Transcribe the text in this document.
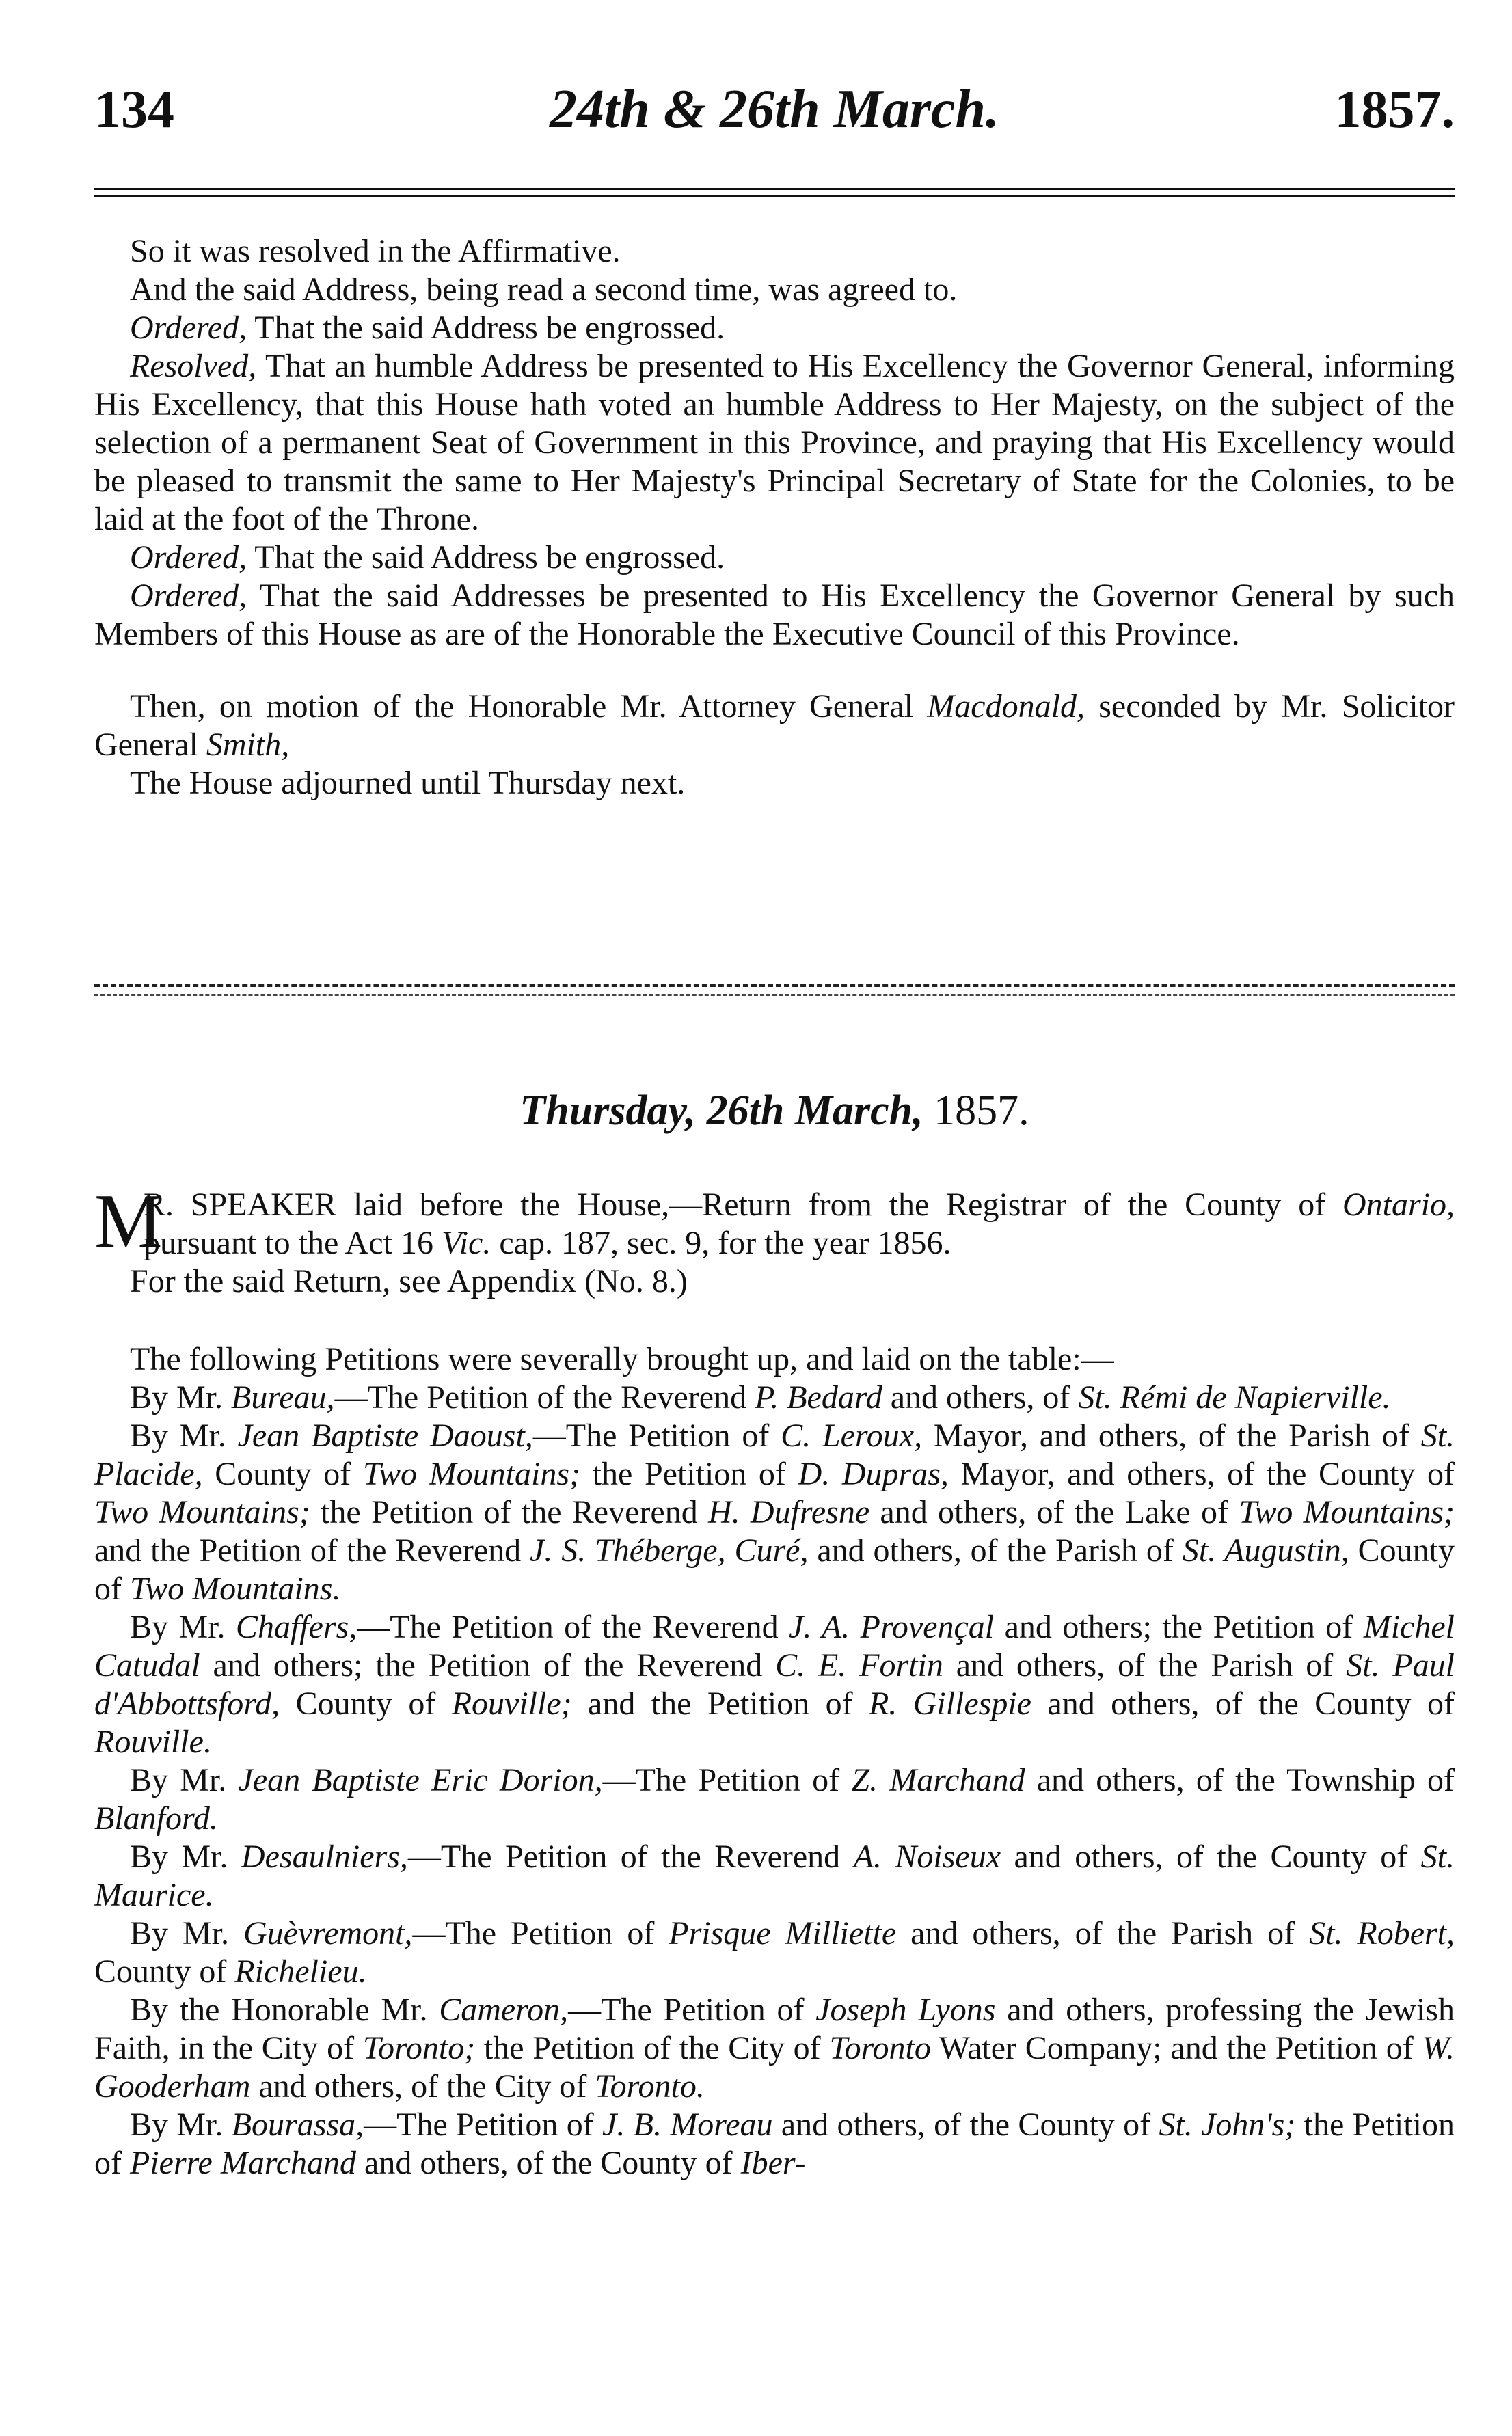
134	24th & 26th March.	1857.

So it was resolved in the Affirmative.

And the said Address, being read a second time, was agreed to.

Ordered, That the said Address be engrossed.

Resolved, That an humble Address be presented to His Excellency the Governor General, informing His Excellency, that this House hath voted an humble Address to Her Majesty, on the subject of the selection of a permanent Seat of Government in this Province, and praying that His Excellency would be pleased to transmit the same to Her Majesty's Principal Secretary of State for the Colonies, to be laid at the foot of the Throne.

Ordered, That the said Address be engrossed.

Ordered, That the said Addresses be presented to His Excellency the Governor General by such Members of this House as are of the Honorable the Executive Council of this Province.

Then, on motion of the Honorable Mr. Attorney General Macdonald, seconded by Mr. Solicitor General Smith,

The House adjourned until Thursday next.

Thursday, 26th March, 1857.

M
R. SPEAKER laid before the House,—Return from the Registrar of the County of Ontario, pursuant to the Act 16 Vic. cap. 187, sec. 9, for the year 1856.

For the said Return, see Appendix (No. 8.)

The following Petitions were severally brought up, and laid on the table:—

By Mr. Bureau,—The Petition of the Reverend P. Bedard and others, of St. Rémi de Napierville.

By Mr. Jean Baptiste Daoust,—The Petition of C. Leroux, Mayor, and others, of the Parish of St. Placide, County of Two Mountains; the Petition of D. Dupras, Mayor, and others, of the County of Two Mountains; the Petition of the Reverend H. Dufresne and others, of the Lake of Two Mountains; and the Petition of the Reverend J. S. Théberge, Curé, and others, of the Parish of St. Augustin, County of Two Mountains.

By Mr. Chaffers,—The Petition of the Reverend J. A. Provençal and others; the Petition of Michel Catudal and others; the Petition of the Reverend C. E. Fortin and others, of the Parish of St. Paul d'Abbottsford, County of Rouville; and the Petition of R. Gillespie and others, of the County of Rouville.

By Mr. Jean Baptiste Eric Dorion,—The Petition of Z. Marchand and others, of the Township of Blanford.

By Mr. Desaulniers,—The Petition of the Reverend A. Noiseux and others, of the County of St. Maurice.

By Mr. Guèvremont,—The Petition of Prisque Milliette and others, of the Parish of St. Robert, County of Richelieu.

By the Honorable Mr. Cameron,—The Petition of Joseph Lyons and others, professing the Jewish Faith, in the City of Toronto; the Petition of the City of Toronto Water Company; and the Petition of W. Gooderham and others, of the City of Toronto.

By Mr. Bourassa,—The Petition of J. B. Moreau and others, of the County of St. John's; the Petition of Pierre Marchand and others, of the County of Iber-
